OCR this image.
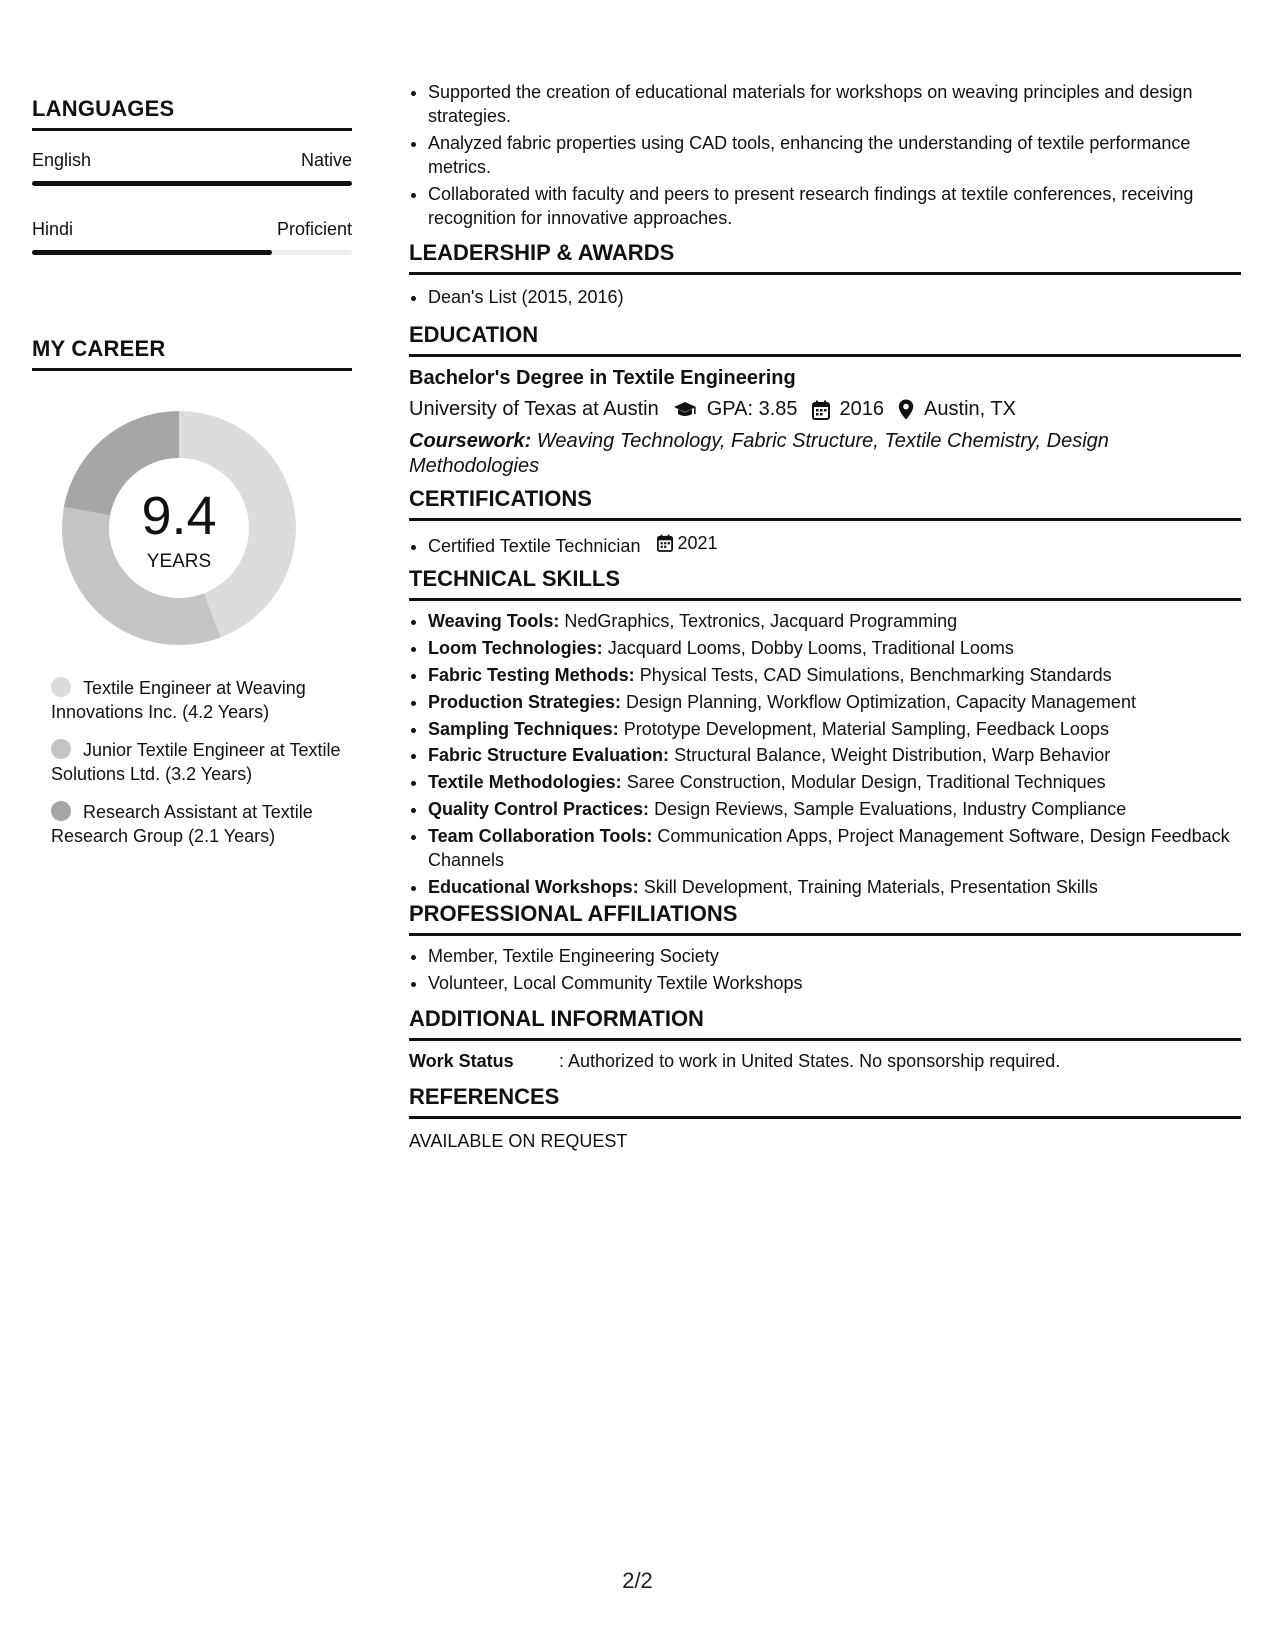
LANGUAGES
English	Native
Hindi	Proficient
MY CAREER
9.4
YEARS
Textile Engineer at Weaving Innovations Inc. (4.2 Years)
Junior Textile Engineer at Textile Solutions Ltd. (3.2 Years)
Research Assistant at Textile Research Group (2.1 Years)
• Supported the creation of educational materials for workshops on weaving principles and design strategies.
• Analyzed fabric properties using CAD tools, enhancing the understanding of textile performance metrics.
• Collaborated with faculty and peers to present research findings at textile conferences, receiving recognition for innovative approaches.
LEADERSHIP & AWARDS
• Dean's List (2015, 2016)
EDUCATION
Bachelor's Degree in Textile Engineering
University of Texas at Austin GPA: 3.85 2016 Austin, TX
Coursework: Weaving Technology, Fabric Structure, Textile Chemistry, Design Methodologies
CERTIFICATIONS
• Certified Textile Technician 2021
TECHNICAL SKILLS
• Weaving Tools: NedGraphics, Textronics, Jacquard Programming
• Loom Technologies: Jacquard Looms, Dobby Looms, Traditional Looms
• Fabric Testing Methods: Physical Tests, CAD Simulations, Benchmarking Standards
• Production Strategies: Design Planning, Workflow Optimization, Capacity Management
• Sampling Techniques: Prototype Development, Material Sampling, Feedback Loops
• Fabric Structure Evaluation: Structural Balance, Weight Distribution, Warp Behavior
• Textile Methodologies: Saree Construction, Modular Design, Traditional Techniques
• Quality Control Practices: Design Reviews, Sample Evaluations, Industry Compliance
• Team Collaboration Tools: Communication Apps, Project Management Software, Design Feedback Channels
• Educational Workshops: Skill Development, Training Materials, Presentation Skills
PROFESSIONAL AFFILIATIONS
• Member, Textile Engineering Society
• Volunteer, Local Community Textile Workshops
ADDITIONAL INFORMATION
Work Status	: Authorized to work in United States. No sponsorship required.
REFERENCES
AVAILABLE ON REQUEST
2/2
